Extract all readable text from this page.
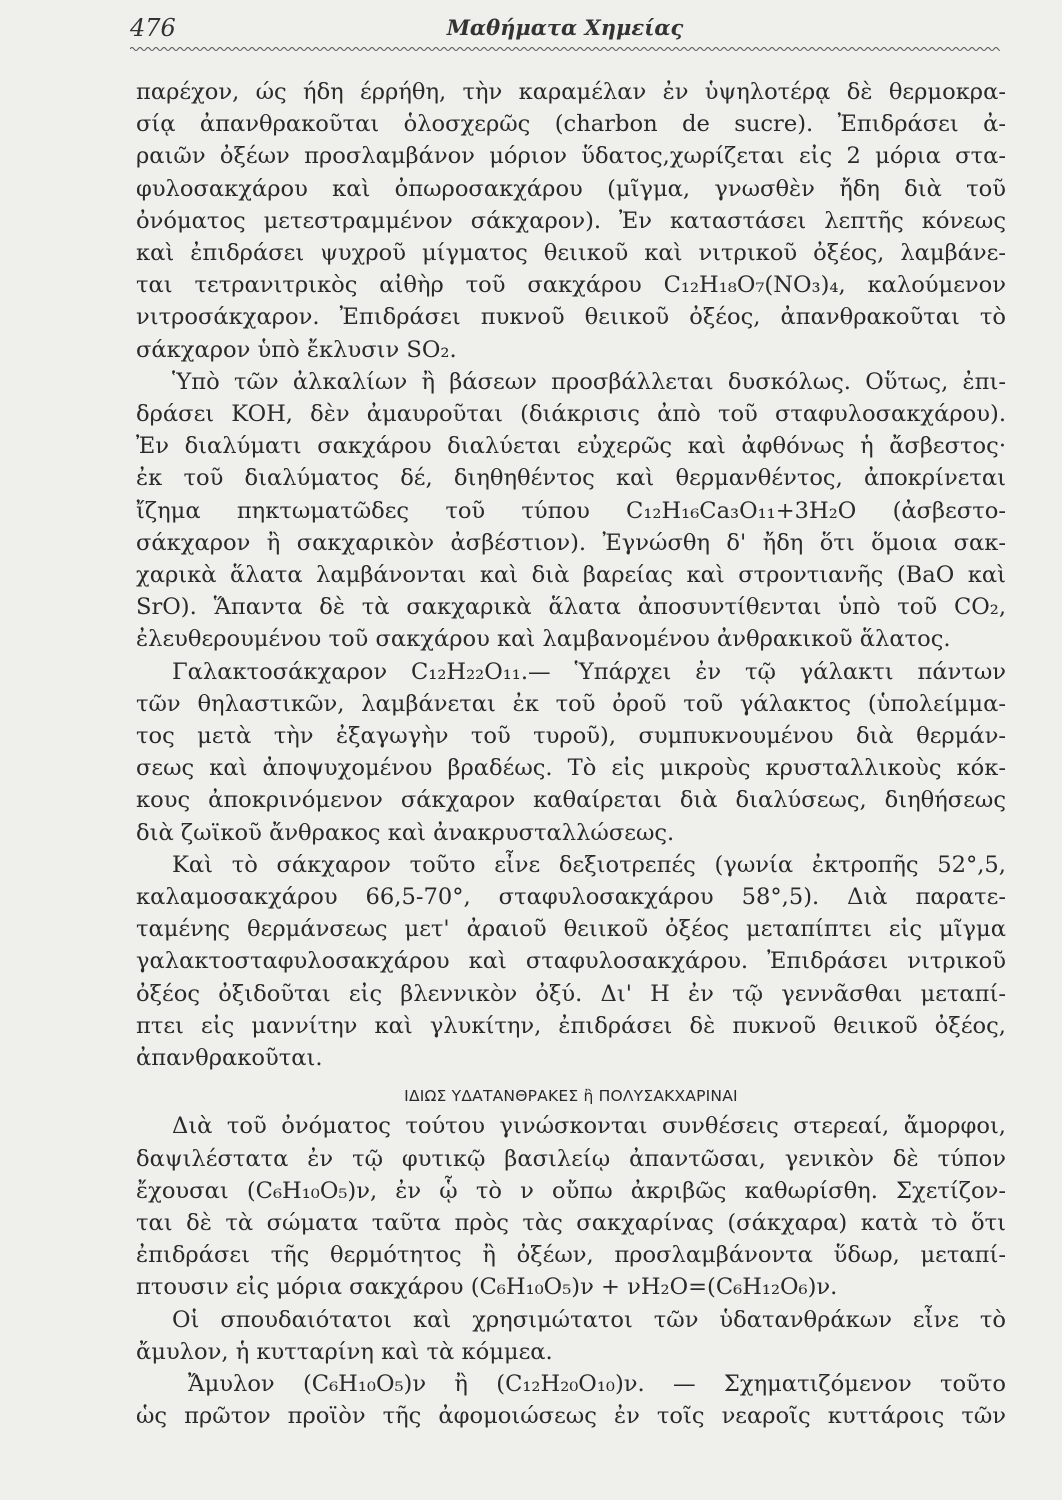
476	Μαθήματα Χημείας
παρέχον, ώς ήδη έρρήθη, τὴν καραμέλαν ἐν ὑψηλοτέρᾳ δὲ θερμοκρα-
σίᾳ ἀπανθρακοῦται ὁλοσχερῶς (charbon de sucre). Ἐπιδράσει ἀ-
ραιῶν ὀξέων προσλαμβάνον μόριον ὕδατος,χωρίζεται εἰς 2 μόρια στα-
φυλοσακχάρου καὶ ὀπωροσακχάρου (μῖγμα, γνωσθὲν ἤδη διὰ τοῦ
ὀνόματος μετεστραμμένον σάκχαρον). Ἐν καταστάσει λεπτῆς κόνεως
καὶ ἐπιδράσει ψυχροῦ μίγματος θειικοῦ καὶ νιτρικοῦ ὀξέος, λαμβάνε-
ται τετρανιτρικὸς αἰθὴρ τοῦ σακχάρου C₁₂H₁₈O₇(NO₃)₄, καλούμενον
νιτροσάκχαρον. Ἐπιδράσει πυκνοῦ θειικοῦ ὀξέος, ἀπανθρακοῦται τὸ
σάκχαρον ὑπὸ ἔκλυσιν SO₂.
Ὑπὸ τῶν ἀλκαλίων ἢ βάσεων προσβάλλεται δυσκόλως. Οὕτως, ἐπι-
δράσει KOH, δὲν ἀμαυροῦται (διάκρισις ἀπὸ τοῦ σταφυλοσακχάρου).
Ἐν διαλύματι σακχάρου διαλύεται εὐχερῶς καὶ ἀφθόνως ἡ ἄσβεστος·
ἐκ τοῦ διαλύματος δέ, διηθηθέντος καὶ θερμανθέντος, ἀποκρίνεται
ἴζημα πηκτωματῶδες τοῦ τύπου C₁₂H₁₆Ca₃O₁₁+3H₂O (ἀσβεστο-
σάκχαρον ἢ σακχαρικὸν ἀσβέστιον). Ἐγνώσθη δ' ἤδη ὅτι ὅμοια σακ-
χαρικὰ ἅλατα λαμβάνονται καὶ διὰ βαρείας καὶ στροντιανῆς (BaO καὶ
SrO). Ἅπαντα δὲ τὰ σακχαρικὰ ἅλατα ἀποσυντίθενται ὑπὸ τοῦ CO₂,
ἐλευθερουμένου τοῦ σακχάρου καὶ λαμβανομένου ἀνθρακικοῦ ἅλατος.
Γαλακτοσάκχαρον C₁₂H₂₂O₁₁.— Ὑπάρχει ἐν τῷ γάλακτι πάντων
τῶν θηλαστικῶν, λαμβάνεται ἐκ τοῦ ὀροῦ τοῦ γάλακτος (ὑπολείμμα-
τος μετὰ τὴν ἐξαγωγὴν τοῦ τυροῦ), συμπυκνουμένου διὰ θερμάν-
σεως καὶ ἀποψυχομένου βραδέως. Τὸ εἰς μικροὺς κρυσταλλικοὺς κόκ-
κους ἀποκρινόμενον σάκχαρον καθαίρεται διὰ διαλύσεως, διηθήσεως
διὰ ζωϊκοῦ ἄνθρακος καὶ ἀνακρυσταλλώσεως.
Καὶ τὸ σάκχαρον τοῦτο εἶνε δεξιοτρεπές (γωνία ἐκτροπῆς 52°,5,
καλαμοσακχάρου 66,5-70°, σταφυλοσακχάρου 58°,5). Διὰ παρατε-
ταμένης θερμάνσεως μετ' ἀραιοῦ θειικοῦ ὀξέος μεταπίπτει εἰς μῖγμα
γαλακτοσταφυλοσακχάρου καὶ σταφυλοσακχάρου. Ἐπιδράσει νιτρικοῦ
ὀξέος ὀξιδοῦται εἰς βλεννικὸν ὀξύ. Δι' H ἐν τῷ γεννᾶσθαι μεταπί-
πτει εἰς μαννίτην καὶ γλυκίτην, ἐπιδράσει δὲ πυκνοῦ θειικοῦ ὀξέος,
ἀπανθρακοῦται.
ΙΔΙΩΣ ΥΔΑΤΑΝΘΡΑΚΕΣ ἢ ΠΟΛΥΣΑΚΧΑΡΙΝΑΙ
Διὰ τοῦ ὀνόματος τούτου γινώσκονται συνθέσεις στερεαί, ἄμορφοι,
δαψιλέστατα ἐν τῷ φυτικῷ βασιλείῳ ἀπαντῶσαι, γενικὸν δὲ τύπον
ἔχουσαι (C₆H₁₀O₅)ν, ἐν ᾧ τὸ ν οὔπω ἀκριβῶς καθωρίσθη. Σχετίζον-
ται δὲ τὰ σώματα ταῦτα πρὸς τὰς σακχαρίνας (σάκχαρα) κατὰ τὸ ὅτι
ἐπιδράσει τῆς θερμότητος ἢ ὀξέων, προσλαμβάνοντα ὕδωρ, μεταπί-
πτουσιν εἰς μόρια σακχάρου (C₆H₁₀O₅)ν + νH₂O=(C₆H₁₂O₆)ν.
Οἱ σπουδαιότατοι καὶ χρησιμώτατοι τῶν ὑδατανθράκων εἶνε τὸ
ἄμυλον, ἡ κυτταρίνη καὶ τὰ κόμμεα.
Ἄμυλον (C₆H₁₀O₅)ν ἢ (C₁₂H₂₀O₁₀)ν. — Σχηματιζόμενον τοῦτο
ὡς πρῶτον προϊὸν τῆς ἀφομοιώσεως ἐν τοῖς νεαροῖς κυττάροις τῶν
